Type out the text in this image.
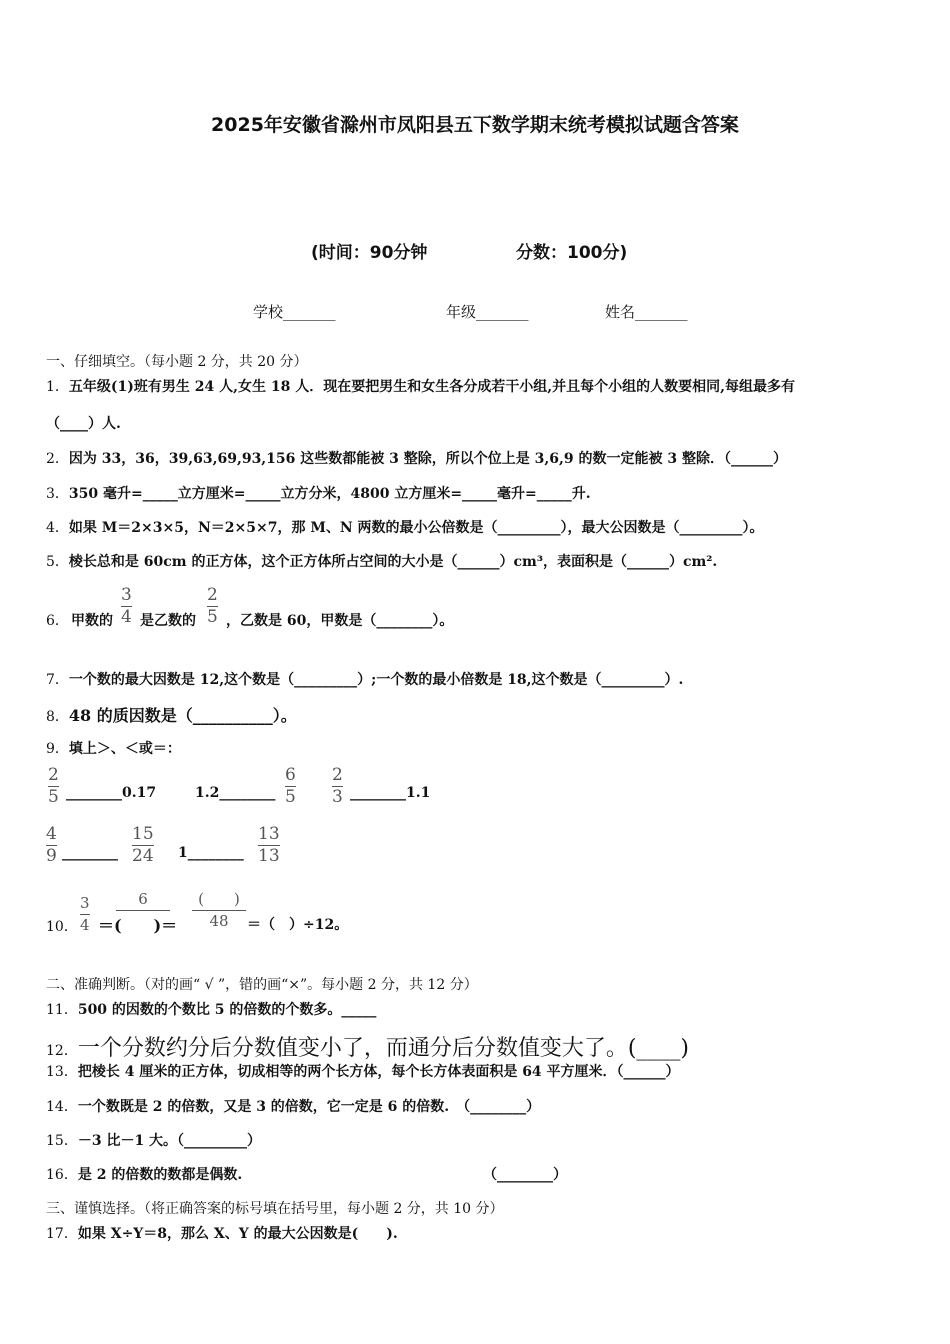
2025年安徽省滁州市凤阳县五下数学期末统考模拟试题含答案
(时间：90分钟	分数：100分)
学校_______	年级_______	姓名_______
一、仔细填空。（每小题 2 分，共 20 分）
1．五年级(1)班有男生 24 人,女生 18 人．现在要把男生和女生各分成若干小组,并且每个小组的人数要相同,每组最多有
（____）人.
2．因为 33，36，39,63,69,93,156 这些数都能被 3 整除，所以个位上是 3,6,9 的数一定能被 3 整除．（______）
3．350 毫升=_____立方厘米=_____立方分米，4800 立方厘米=_____毫升=_____升.
4．如果 M＝2×3×5，N＝2×5×7，那 M、N 两数的最小公倍数是（_________），最大公因数是（_________）。
5．棱长总和是 60cm 的正方体，这个正方体所占空间的大小是（______）cm³，表面积是（______）cm².
6． 甲数的
3
4 是乙数的
2
5 ，乙数是 60，甲数是（________）。
7．一个数的最大因数是 12,这个数是（_________）;一个数的最小倍数是 18,这个数是（_________）.
8．48 的质因数是（__________）。
9．填上＞、＜或＝：
2
5 ________0.17	1.2________
6
5
2
3 ________1.1
4
9 ________
15
24 1________
13
13
10．
3
4 ＝(　　)＝
6	(　　)
48	＝（　）÷12。
二、准确判断。（对的画“ √ ”，错的画“×”。每小题 2 分，共 12 分）
11．500 的因数的个数比 5 的倍数的个数多。_____
12．一个分数约分后分数值变小了，而通分后分数值变大了。(____)
13．把棱长 4 厘米的正方体，切成相等的两个长方体，每个长方体表面积是 64 平方厘米．（______）
14．一个数既是 2 的倍数，又是 3 的倍数，它一定是 6 的倍数.　（________）
15．－3 比－1 大。（_________）
16．是 2 的倍数的数都是偶数.	（________）
三、谨慎选择。（将正确答案的标号填在括号里，每小题 2 分，共 10 分）
17．如果 X÷Y＝8，那么 X、Y 的最大公因数是(　　).
